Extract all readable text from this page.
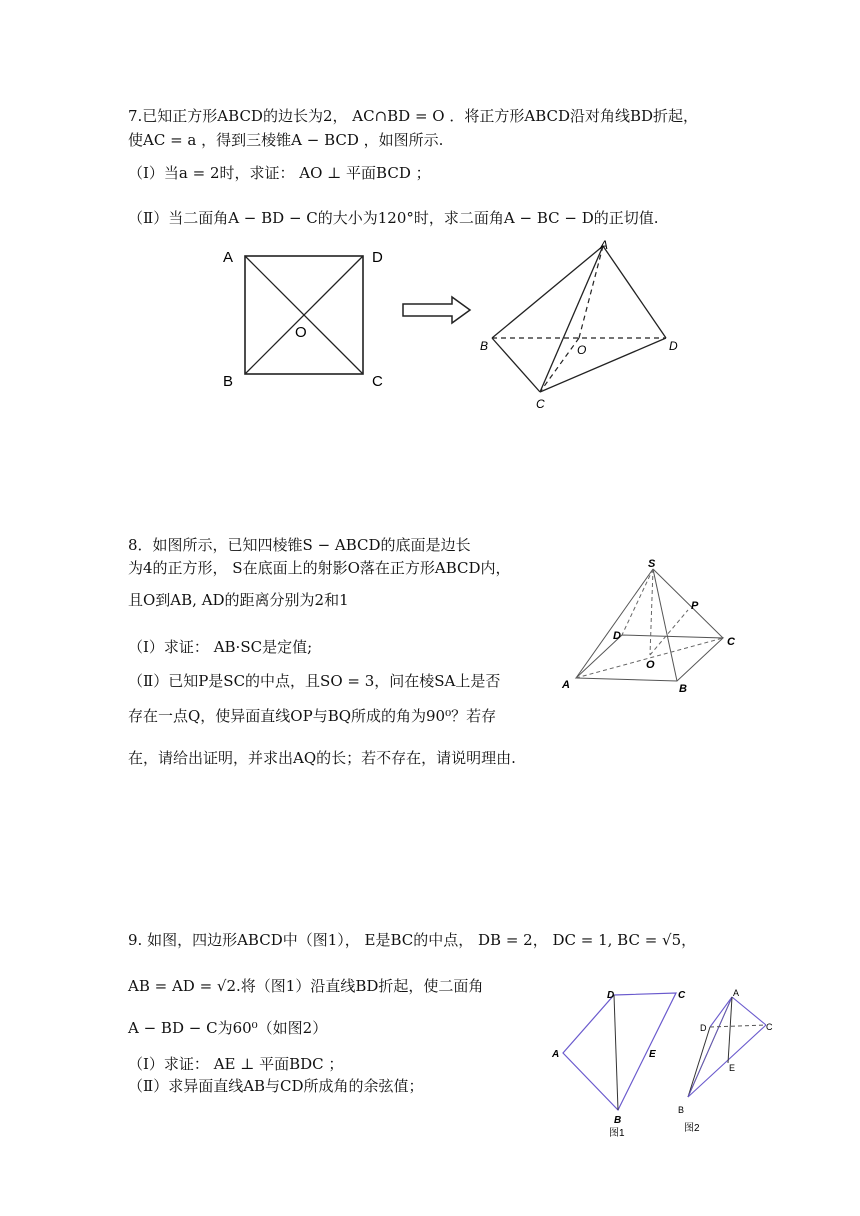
7.已知正方形ABCD的边长为2， AC∩BD = O ．将正方形ABCD沿对角线BD折起，
使AC = a ，得到三棱锥A − BCD ，如图所示.
（Ⅰ）当a = 2时，求证： AO ⊥ 平面BCD ；
（Ⅱ）当二面角A − BD − C的大小为120°时，求二面角A − BC − D的正切值.
A	D
O
B	C
A
B	O	D
C
8．如图所示，已知四棱锥S − ABCD的底面是边长
为4的正方形， S在底面上的射影O落在正方形ABCD内，
且O到AB, AD的距离分别为2和1
（Ⅰ）求证： AB·SC是定值;
（Ⅱ）已知P是SC的中点，且SO = 3，问在棱SA上是否
存在一点Q，使异面直线OP与BQ所成的角为90⁰？若存
在，请给出证明，并求出AQ的长；若不存在，请说明理由.
S
P
D	C
O
A	B
9. 如图，四边形ABCD中（图1）， E是BC的中点， DB = 2， DC = 1, BC = √5，
AB = AD = √2.将（图1）沿直线BD折起，使二面角
A − BD − C为60⁰（如图2）
（Ⅰ）求证： AE ⊥ 平面BDC ；
（Ⅱ）求异面直线AB与CD所成角的余弦值；
D	C
A	E
B
图1
A
D	C
E
B
图2
